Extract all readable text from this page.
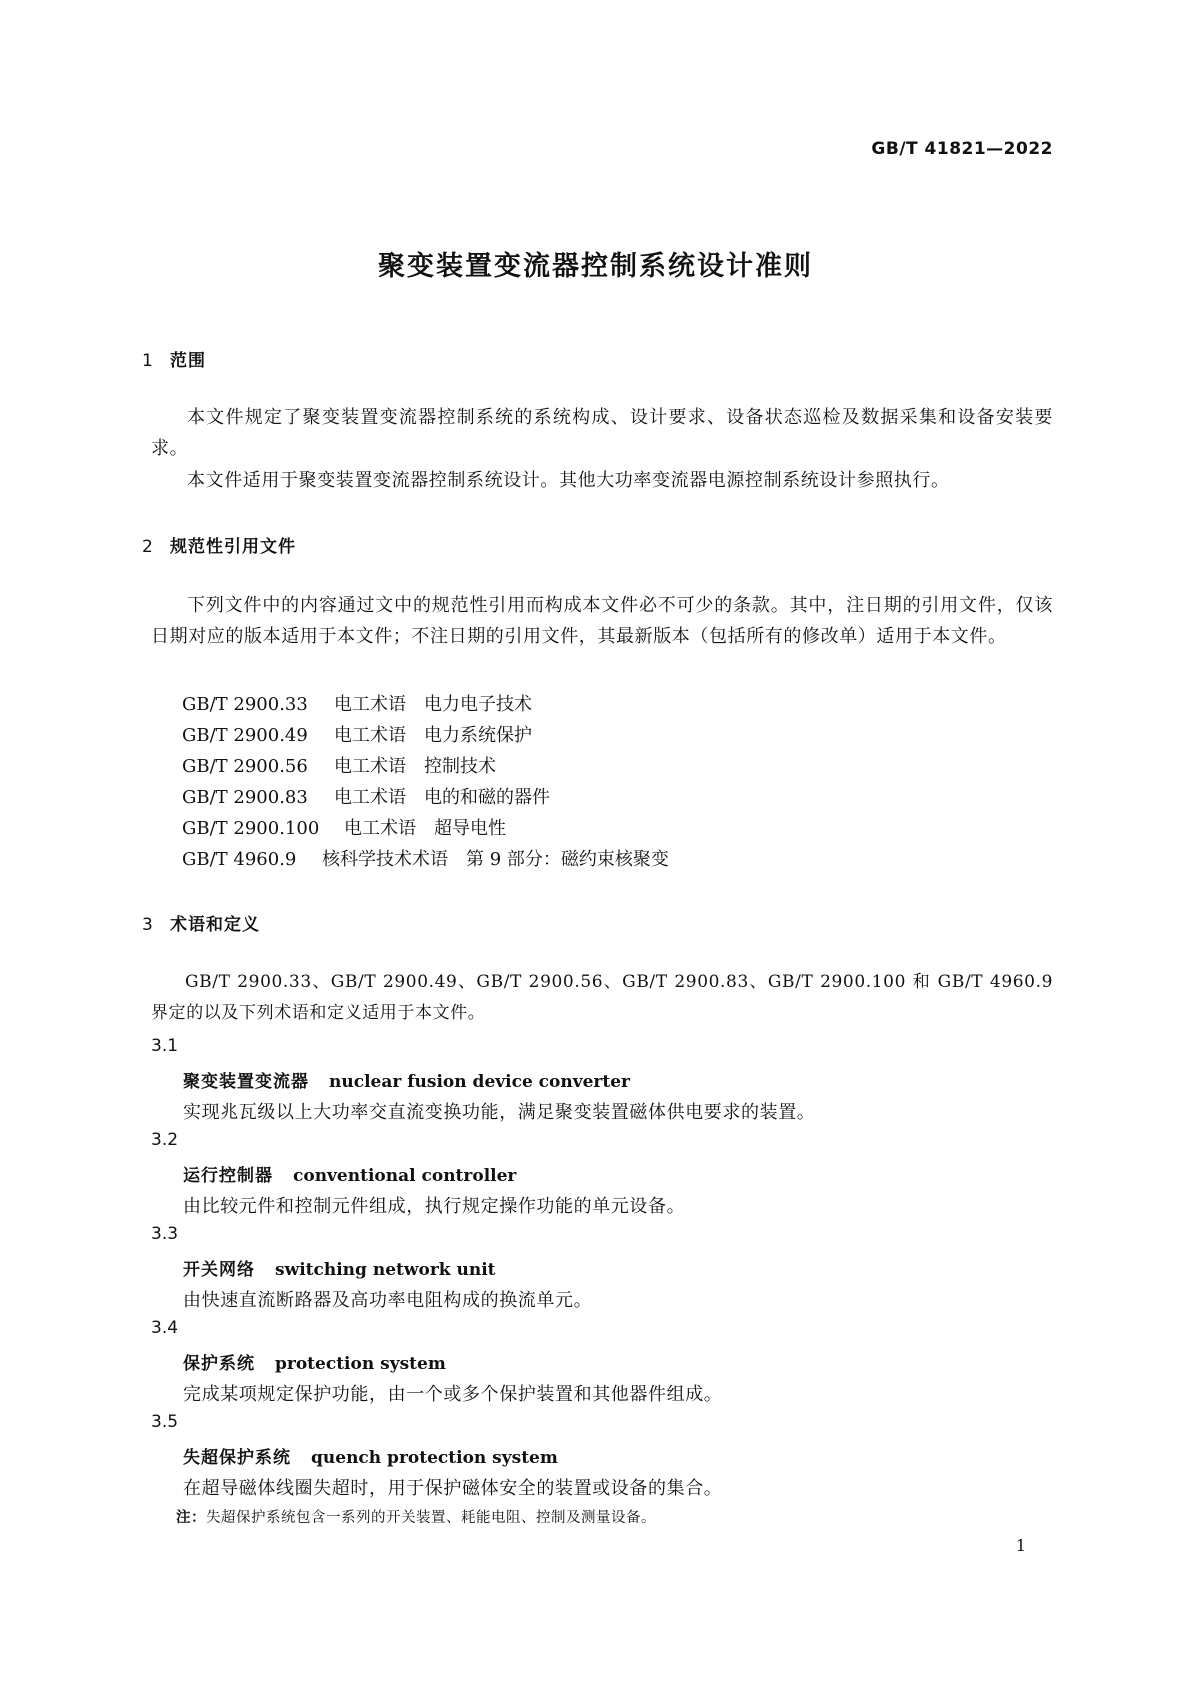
GB/T 41821—2022
聚变装置变流器控制系统设计准则
1 范围
本文件规定了聚变装置变流器控制系统的系统构成、设计要求、设备状态巡检及数据采集和设备安装要求。
本文件适用于聚变装置变流器控制系统设计。其他大功率变流器电源控制系统设计参照执行。
2 规范性引用文件
下列文件中的内容通过文中的规范性引用而构成本文件必不可少的条款。其中，注日期的引用文件，仅该日期对应的版本适用于本文件；不注日期的引用文件，其最新版本（包括所有的修改单）适用于本文件。
GB/T 2900.33 电工术语　电力电子技术
GB/T 2900.49 电工术语　电力系统保护
GB/T 2900.56 电工术语　控制技术
GB/T 2900.83 电工术语　电的和磁的器件
GB/T 2900.100 电工术语　超导电性
GB/T 4960.9 核科学技术术语　第 9 部分：磁约束核聚变
3 术语和定义
GB/T 2900.33、GB/T 2900.49、GB/T 2900.56、GB/T 2900.83、GB/T 2900.100 和 GB/T 4960.9 界定的以及下列术语和定义适用于本文件。
3.1
聚变装置变流器 nuclear fusion device converter
实现兆瓦级以上大功率交直流变换功能，满足聚变装置磁体供电要求的装置。
3.2
运行控制器 conventional controller
由比较元件和控制元件组成，执行规定操作功能的单元设备。
3.3
开关网络 switching network unit
由快速直流断路器及高功率电阻构成的换流单元。
3.4
保护系统 protection system
完成某项规定保护功能，由一个或多个保护装置和其他器件组成。
3.5
失超保护系统 quench protection system
在超导磁体线圈失超时，用于保护磁体安全的装置或设备的集合。
注：失超保护系统包含一系列的开关装置、耗能电阻、控制及测量设备。
1
